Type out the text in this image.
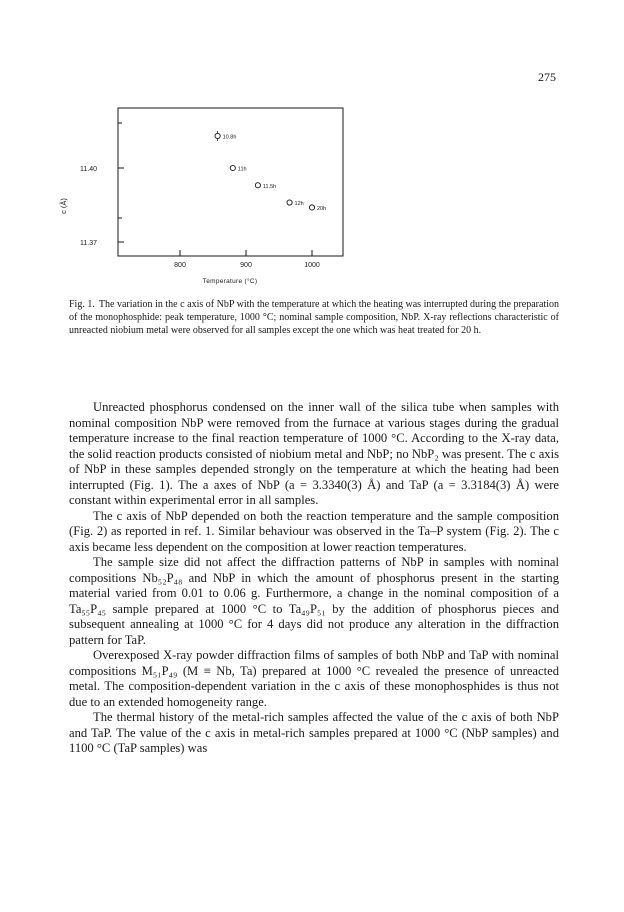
275
11.40
11.37
800	900	1000
Temperature (°C)
c (Å)
10.8h
11h
11.5h
12h
20h
Fig. 1. The variation in the c axis of NbP with the temperature at which the heating was interrupted during the preparation of the monophosphide: peak temperature, 1000 °C; nominal sample composition, NbP. X-ray reflections characteristic of unreacted niobium metal were observed for all samples except the one which was heat treated for 20 h.

Unreacted phosphorus condensed on the inner wall of the silica tube when samples with nominal composition NbP were removed from the furnace at various stages during the gradual temperature increase to the final reaction temperature of 1000 °C. According to the X-ray data, the solid reaction products consisted of niobium metal and NbP; no NbP₂ was present. The c axis of NbP in these samples depended strongly on the temperature at which the heating had been interrupted (Fig. 1). The a axes of NbP (a = 3.3340(3) Å) and TaP (a = 3.3184(3) Å) were constant within experimental error in all samples.

The c axis of NbP depended on both the reaction temperature and the sample composition (Fig. 2) as reported in ref. 1. Similar behaviour was observed in the Ta–P system (Fig. 2). The c axis became less dependent on the composition at lower reaction temperatures.

The sample size did not affect the diffraction patterns of NbP in samples with nominal compositions Nb₅₂P₄₈ and NbP in which the amount of phosphorus present in the starting material varied from 0.01 to 0.06 g. Furthermore, a change in the nominal composition of a Ta₅₅P₄₅ sample prepared at 1000 °C to Ta₄₉P₅₁ by the addition of phosphorus pieces and subsequent annealing at 1000 °C for 4 days did not produce any alteration in the diffraction pattern for TaP.

Overexposed X-ray powder diffraction films of samples of both NbP and TaP with nominal compositions M₅₁P₄₉ (M ≡ Nb, Ta) prepared at 1000 °C revealed the presence of unreacted metal. The composition-dependent variation in the c axis of these monophosphides is thus not due to an extended homogeneity range.

The thermal history of the metal-rich samples affected the value of the c axis of both NbP and TaP. The value of the c axis in metal-rich samples prepared at 1000 °C (NbP samples) and 1100 °C (TaP samples) was
